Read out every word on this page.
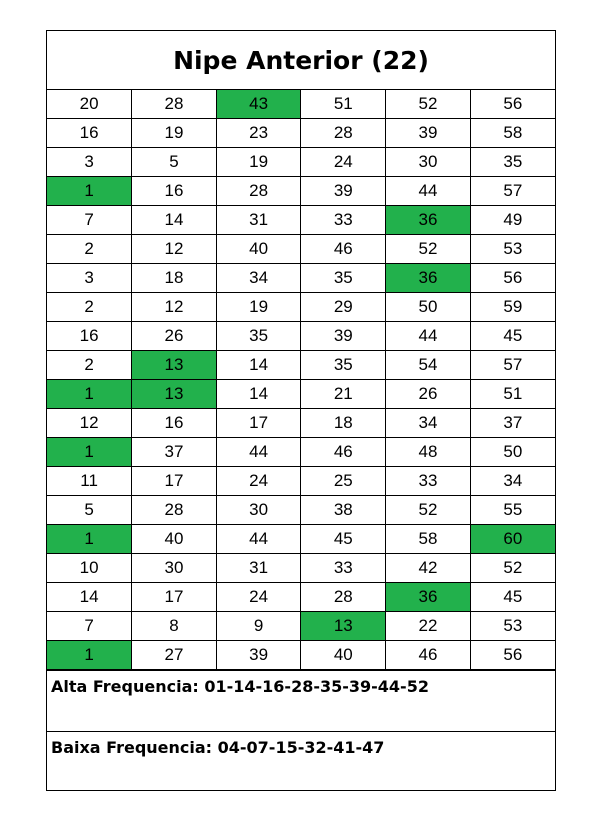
Nipe Anterior (22)
20	28	43	51	52	56
16	19	23	28	39	58
3	5	19	24	30	35
1	16	28	39	44	57
7	14	31	33	36	49
2	12	40	46	52	53
3	18	34	35	36	56
2	12	19	29	50	59
16	26	35	39	44	45
2	13	14	35	54	57
1	13	14	21	26	51
12	16	17	18	34	37
1	37	44	46	48	50
11	17	24	25	33	34
5	28	30	38	52	55
1	40	44	45	58	60
10	30	31	33	42	52
14	17	24	28	36	45
7	8	9	13	22	53
1	27	39	40	46	56
Alta Frequencia: 01-14-16-28-35-39-44-52
Baixa Frequencia: 04-07-15-32-41-47
